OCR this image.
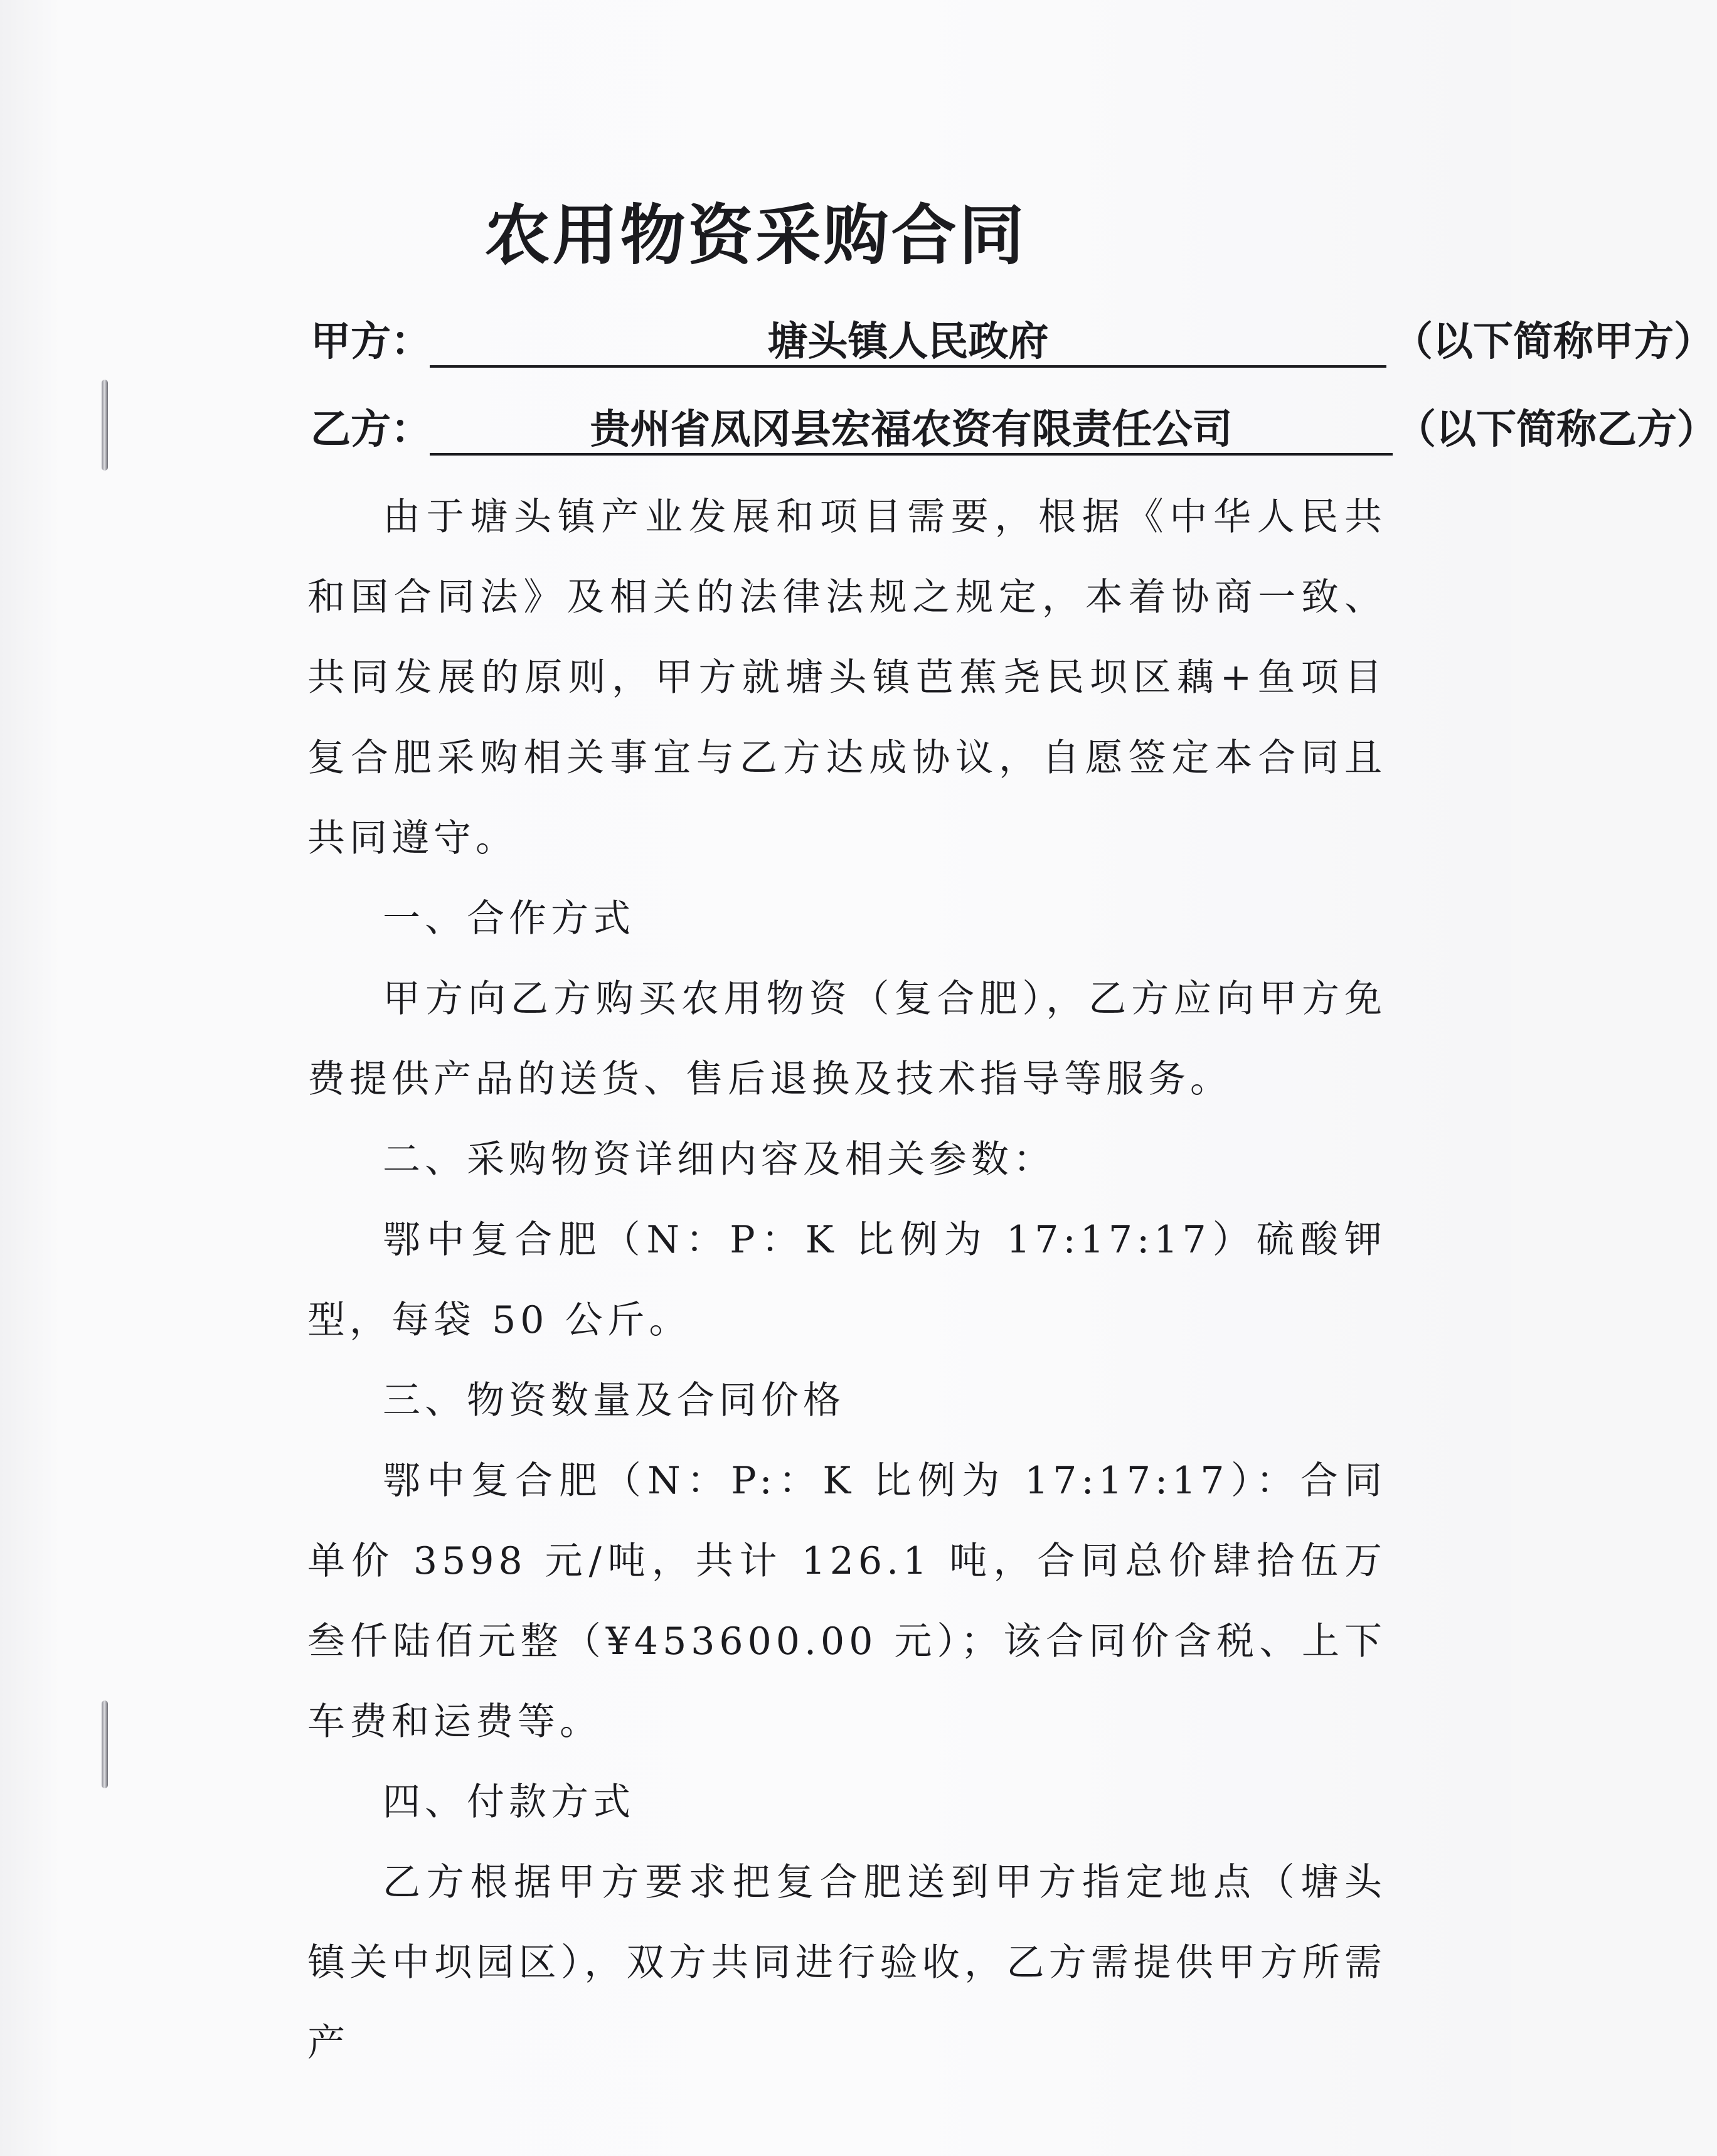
农用物资采购合同
甲方：	塘头镇人民政府	（以下简称甲方）
乙方：	贵州省凤冈县宏福农资有限责任公司	（以下简称乙方）

由于塘头镇产业发展和项目需要，根据《中华人民共和国合同法》及相关的法律法规之规定，本着协商一致、共同发展的原则，甲方就塘头镇芭蕉尧民坝区藕+鱼项目复合肥采购相关事宜与乙方达成协议，自愿签定本合同且共同遵守。

一、合作方式

甲方向乙方购买农用物资（复合肥），乙方应向甲方免费提供产品的送货、售后退换及技术指导等服务。

二、采购物资详细内容及相关参数：

鄂中复合肥（N：P：K 比例为 17:17:17）硫酸钾型，每袋 50 公斤。

三、物资数量及合同价格

鄂中复合肥（N：P:：K 比例为 17:17:17）：合同单价 3598 元/吨，共计 126.1 吨，合同总价肆拾伍万叁仟陆佰元整（¥453600.00 元）；该合同价含税、上下车费和运费等。

四、付款方式

乙方根据甲方要求把复合肥送到甲方指定地点（塘头镇关中坝园区），双方共同进行验收，乙方需提供甲方所需产
